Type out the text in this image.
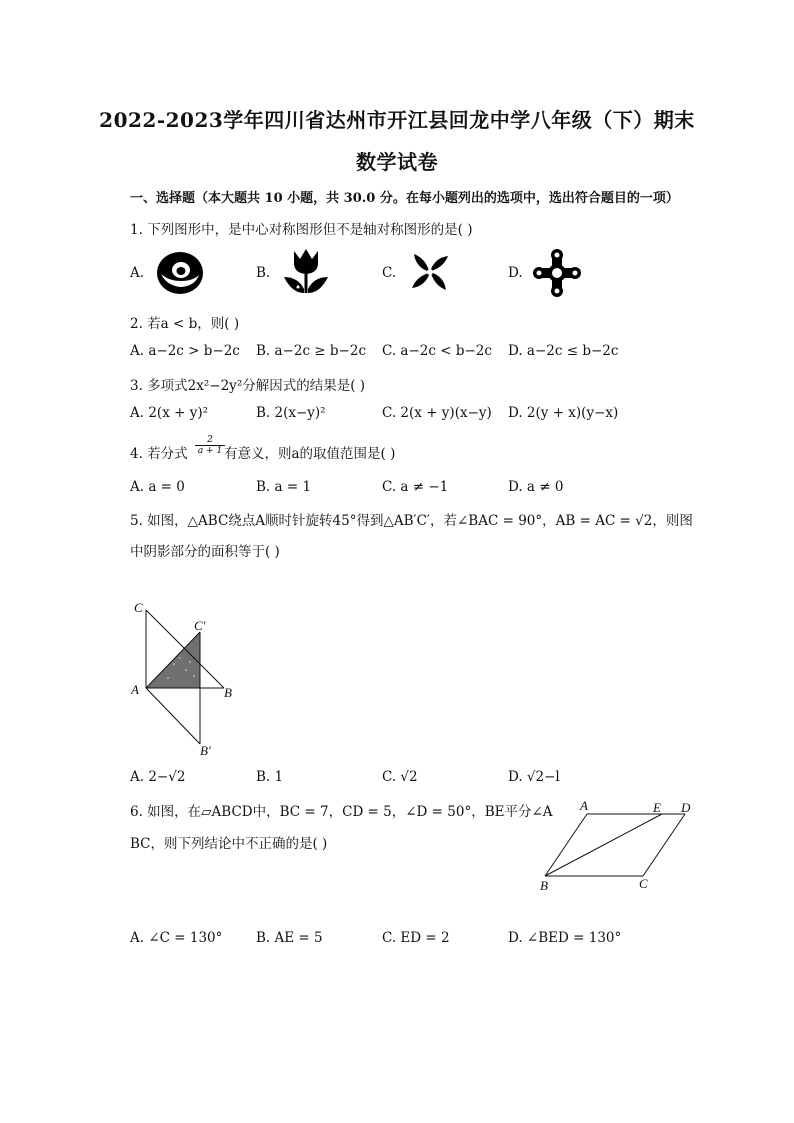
2022-2023学年四川省达州市开江县回龙中学八年级（下）期末
数学试卷
一、选择题（本大题共 10 小题，共 30.0 分。在每小题列出的选项中，选出符合题目的一项）
1. 下列图形中，是中心对称图形但不是轴对称图形的是( )
A.	B.	C.	D.
2. 若a < b，则( )
A. a−2c > b−2c B. a−2c ≥ b−2c C. a−2c < b−2c D. a−2c ≤ b−2c
3. 多项式2x²−2y²分解因式的结果是( )
A. 2(x + y)²	B. 2(x−y)²	C. 2(x + y)(x−y) D. 2(y + x)(y−x)
4. 若分式 $\frac{2}{a + 1}$ 有意义，则a的取值范围是( )
A. a = 0	B. a = 1	C. a ≠ −1	D. a ≠ 0
5. 如图，△ABC绕点A顺时针旋转45°得到△AB′C′，若∠BAC = 90°，AB = AC = √2，则图
中阴影部分的面积等于( )
C
C′
A	B
B′
A. 2−√2	B. 1	C. √2	D. √2−l
6. 如图，在▱ABCD中，BC = 7，CD = 5，∠D = 50°，BE平分∠A
BC，则下列结论中不正确的是( )
A	E D
B	C
A. ∠C = 130° B. AE = 5	C. ED = 2	D. ∠BED = 130°
